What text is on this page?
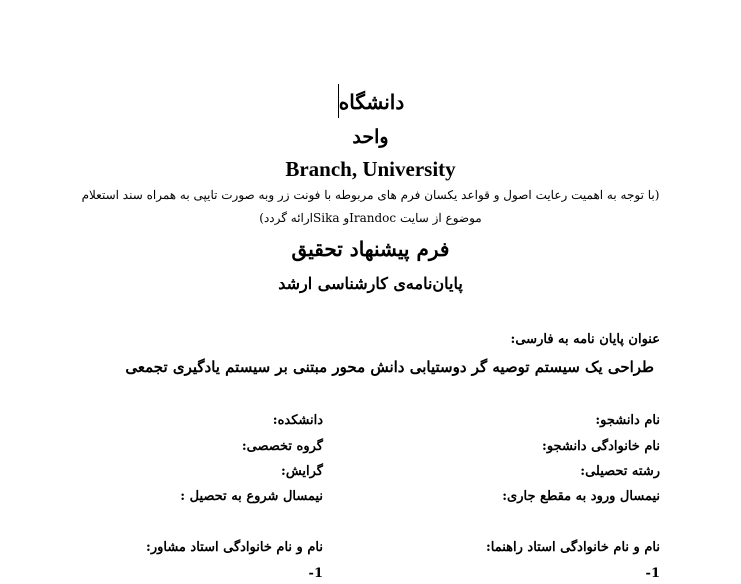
دانشگاه
واحد
Branch, University
(با توجه به اهمیت رعایت اصول و قواعد یکسان فرم های مربوطه با فونت زر وبه صورت تایپی به همراه سند استعلام
موضوع از سایت Irandocو Sikaارائه گردد)
فرم پیشنهاد تحقیق
پایان‌نامه‌ی کارشناسی ارشد
عنوان پایان نامه به فارسی:
طراحی یک سیستم توصیه گر دوستیابی دانش محور مبتنی بر سیستم یادگیری تجمعی
نام دانشجو:
دانشکده:
نام خانوادگی دانشجو:
گروه تخصصی:
رشته تحصیلی:
گرایش:
نیمسال ورود به مقطع جاری:
نیمسال شروع به تحصیل :
نام و نام خانوادگی استاد راهنما:
نام و نام خانوادگی استاد مشاور:
-1
-1
